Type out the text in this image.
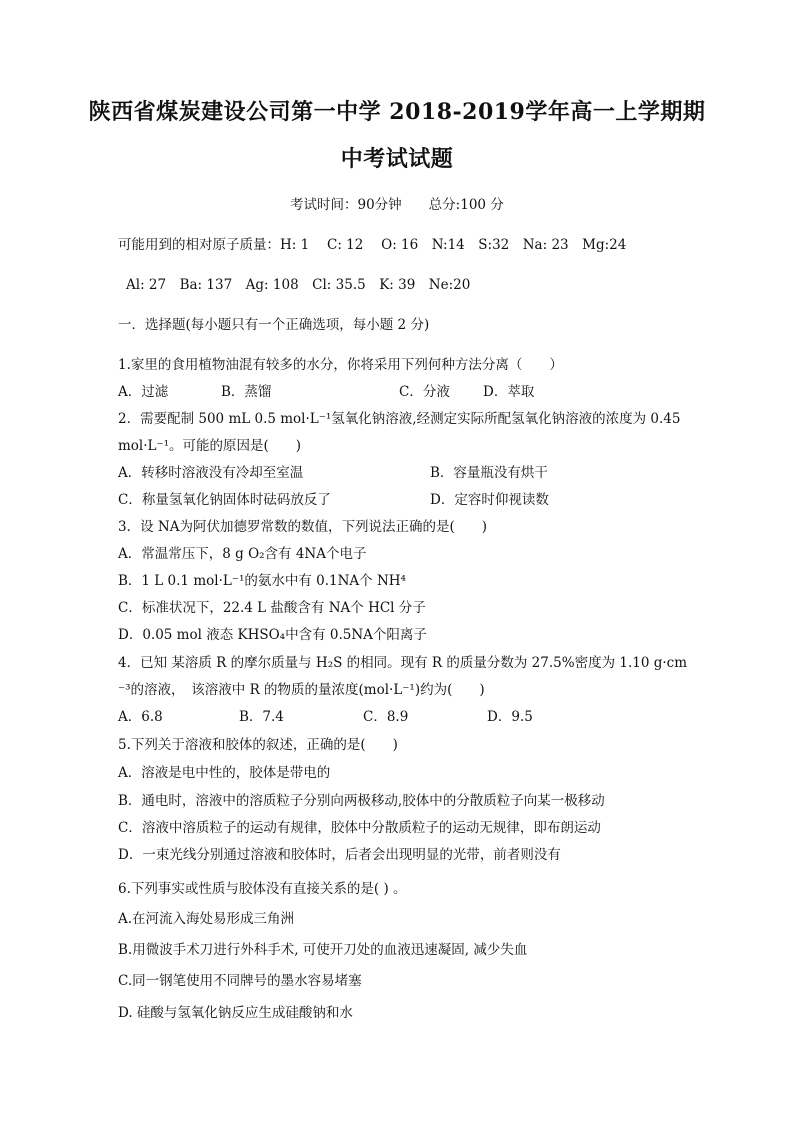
陕西省煤炭建设公司第一中学 2018-2019学年高一上学期期
中考试试题
考试时间：90分钟　　总分:100 分
可能用到的相对原子质量：H: 1　 C: 12　 O: 16　N:14　S:32　Na: 23　Mg:24
Al: 27　Ba: 137　Ag: 108　Cl: 35.5　K: 39　Ne:20
一．选择题(每小题只有一个正确选项，每小题 2 分)
1.家里的食用植物油混有较多的水分，你将采用下列何种方法分离（　　）
A．过滤	B．蒸馏	C．分液 D．萃取
2．需要配制 500 mL 0.5 mol·L⁻¹氢氧化钠溶液,经测定实际所配氢氧化钠溶液的浓度为 0.45
mol·L⁻¹。可能的原因是(　　)
A．转移时溶液没有冷却至室温	B．容量瓶没有烘干
C．称量氢氧化钠固体时砝码放反了	D．定容时仰视读数
3．设 NA为阿伏加德罗常数的数值，下列说法正确的是(　　)
A．常温常压下，8 g O₂含有 4NA个电子
B．1 L 0.1 mol·L⁻¹的氨水中有 0.1NA个 NH⁴
C．标准状况下，22.4 L 盐酸含有 NA个 HCl 分子
D．0.05 mol 液态 KHSO₄中含有 0.5NA个阳离子
4．已知 某溶质 R 的摩尔质量与 H₂S 的相同。现有 R 的质量分数为 27.5%密度为 1.10 g·cm
⁻³的溶液，　该溶液中 R 的物质的量浓度(mol·L⁻¹)约为(　　)
A．6.8	B．7.4	C．8.9	D．9.5
5.下列关于溶液和胶体的叙述，正确的是(　　)
A．溶液是电中性的，胶体是带电的
B．通电时，溶液中的溶质粒子分别向两极移动,胶体中的分散质粒子向某一极移动
C．溶液中溶质粒子的运动有规律，胶体中分散质粒子的运动无规律，即布朗运动
D．一束光线分别通过溶液和胶体时，后者会出现明显的光带，前者则没有
6.下列事实或性质与胶体没有直接关系的是( ) 。
A.在河流入海处易形成三角洲
B.用微波手术刀进行外科手术, 可使开刀处的血液迅速凝固, 减少失血
C.同一钢笔使用不同牌号的墨水容易堵塞
D. 硅酸与氢氧化钠反应生成硅酸钠和水
